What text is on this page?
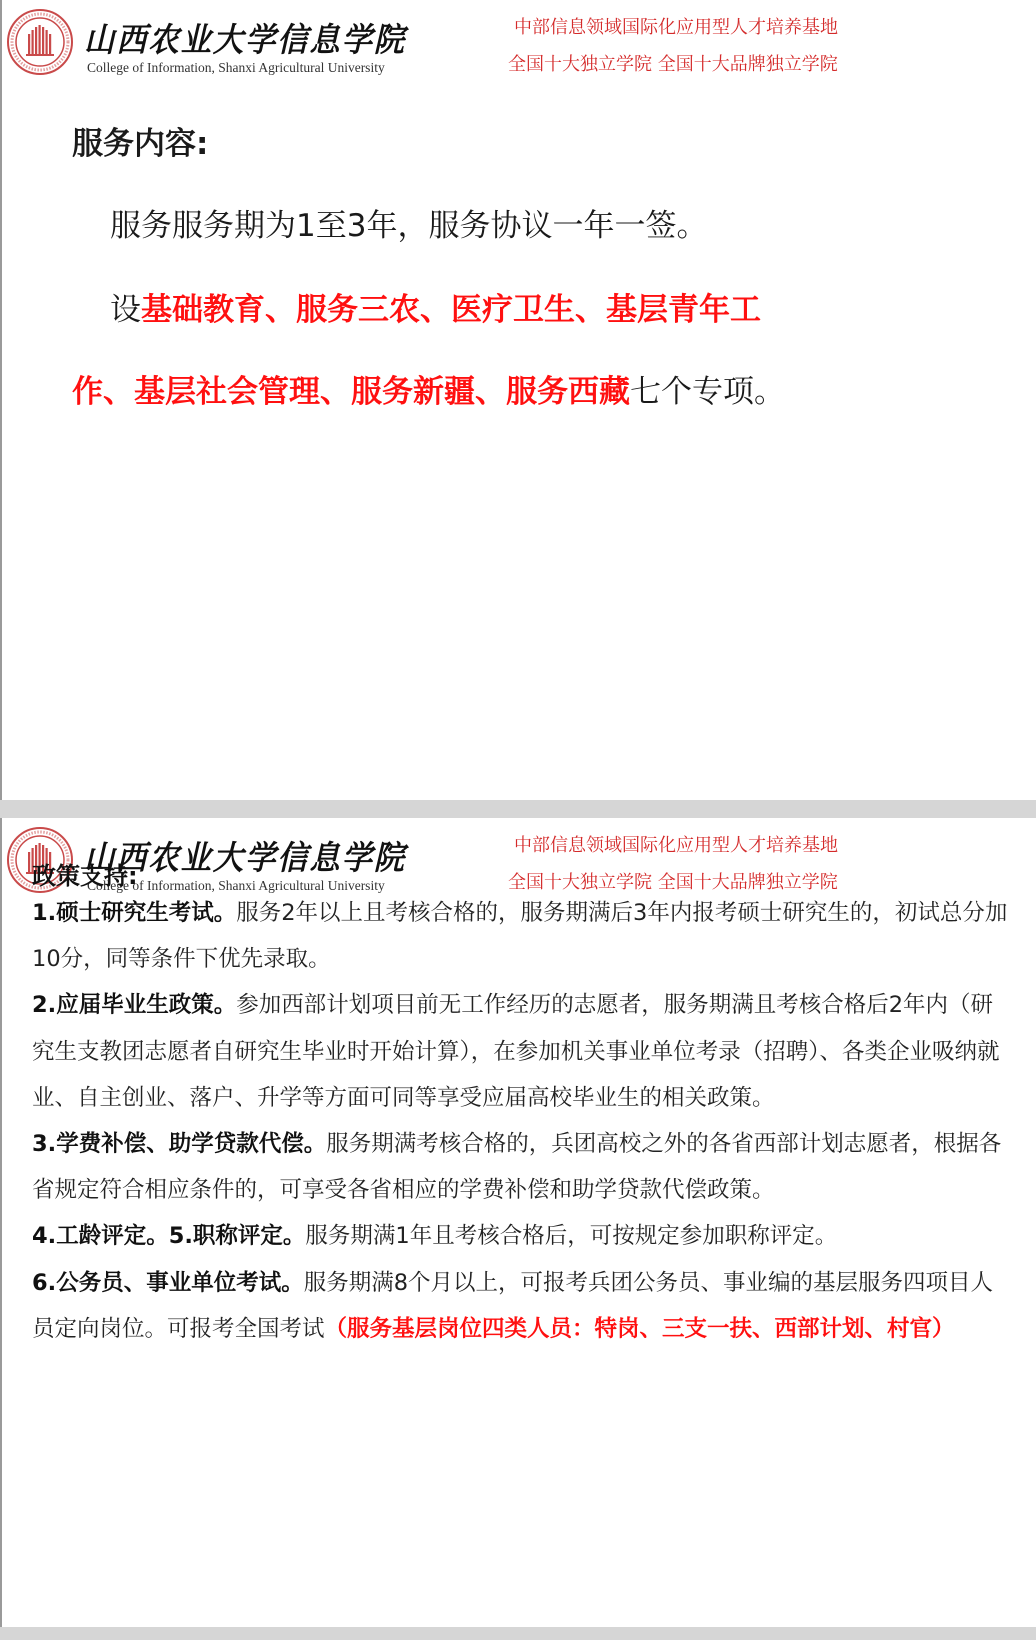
山西农业大学信息学院
College of Information, Shanxi Agricultural University
中部信息领域国际化应用型人才培养基地
全国十大独立学院 全国十大品牌独立学院
服务内容:
服务服务期为1至3年，服务协议一年一签。
设基础教育、服务三农、医疗卫生、基层青年工
作、基层社会管理、服务新疆、服务西藏七个专项。
山西农业大学信息学院
College of Information, Shanxi Agricultural University
中部信息领域国际化应用型人才培养基地
全国十大独立学院 全国十大品牌独立学院
政策支持:

1.硕士研究生考试。服务2年以上且考核合格的，服务期满后3年内报考硕士研究生的，初试总分加10分，同等条件下优先录取。

2.应届毕业生政策。参加西部计划项目前无工作经历的志愿者，服务期满且考核合格后2年内（研究生支教团志愿者自研究生毕业时开始计算），在参加机关事业单位考录（招聘）、各类企业吸纳就业、自主创业、落户、升学等方面可同等享受应届高校毕业生的相关政策。

3.学费补偿、助学贷款代偿。服务期满考核合格的，兵团高校之外的各省西部计划志愿者，根据各省规定符合相应条件的，可享受各省相应的学费补偿和助学贷款代偿政策。

4.工龄评定。5.职称评定。服务期满1年且考核合格后，可按规定参加职称评定。

6.公务员、事业单位考试。服务期满8个月以上，可报考兵团公务员、事业编的基层服务四项目人员定向岗位。可报考全国考试（服务基层岗位四类人员：特岗、三支一扶、西部计划、村官）
